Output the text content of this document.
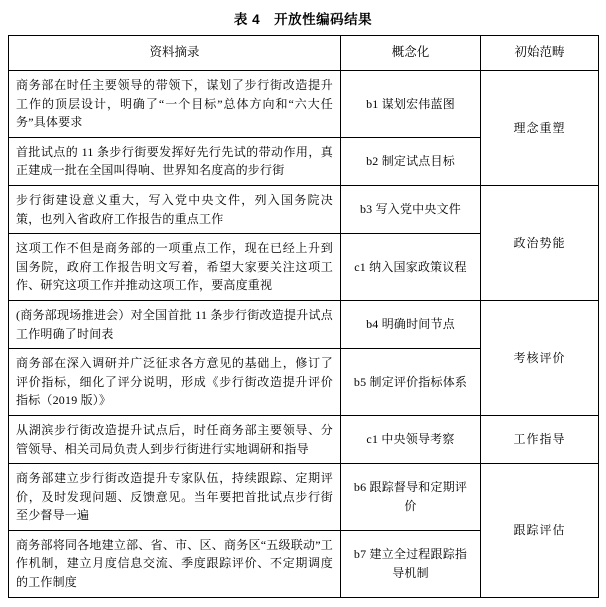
表 4 开放性编码结果
资料摘录	概念化	初始范畴
商务部在时任主要领导的带领下，谋划了步行街改造提升工作的顶层设计，明确了“一个目标”总体方向和“六大任务”具体要求	b1 谋划宏伟蓝图	理念重塑
首批试点的 11 条步行街要发挥好先行先试的带动作用，真正建成一批在全国叫得响、世界知名度高的步行街	b2 制定试点目标	
步行街建设意义重大，写入党中央文件，列入国务院决策，也列入省政府工作报告的重点工作	b3 写入党中央文件	政治势能
这项工作不但是商务部的一项重点工作，现在已经上升到国务院，政府工作报告明文写着，希望大家要关注这项工作、研究这项工作并推动这项工作，要高度重视	c1 纳入国家政策议程	
(商务部现场推进会）对全国首批 11 条步行街改造提升试点工作明确了时间表	b4 明确时间节点	考核评价
商务部在深入调研并广泛征求各方意见的基础上，修订了评价指标，细化了评分说明，形成《步行街改造提升评价指标（2019 版）》	b5 制定评价指标体系	
从湖滨步行街改造提升试点后，时任商务部主要领导、分管领导、相关司局负责人到步行街进行实地调研和指导	c1 中央领导考察	工作指导
商务部建立步行街改造提升专家队伍，持续跟踪、定期评价，及时发现问题、反馈意见。当年要把首批试点步行街至少督导一遍	b6 跟踪督导和定期评价	跟踪评估
商务部将同各地建立部、省、市、区、商务区“五级联动”工作机制，建立月度信息交流、季度跟踪评价、不定期调度的工作制度	b7 建立全过程跟踪指导机制	
